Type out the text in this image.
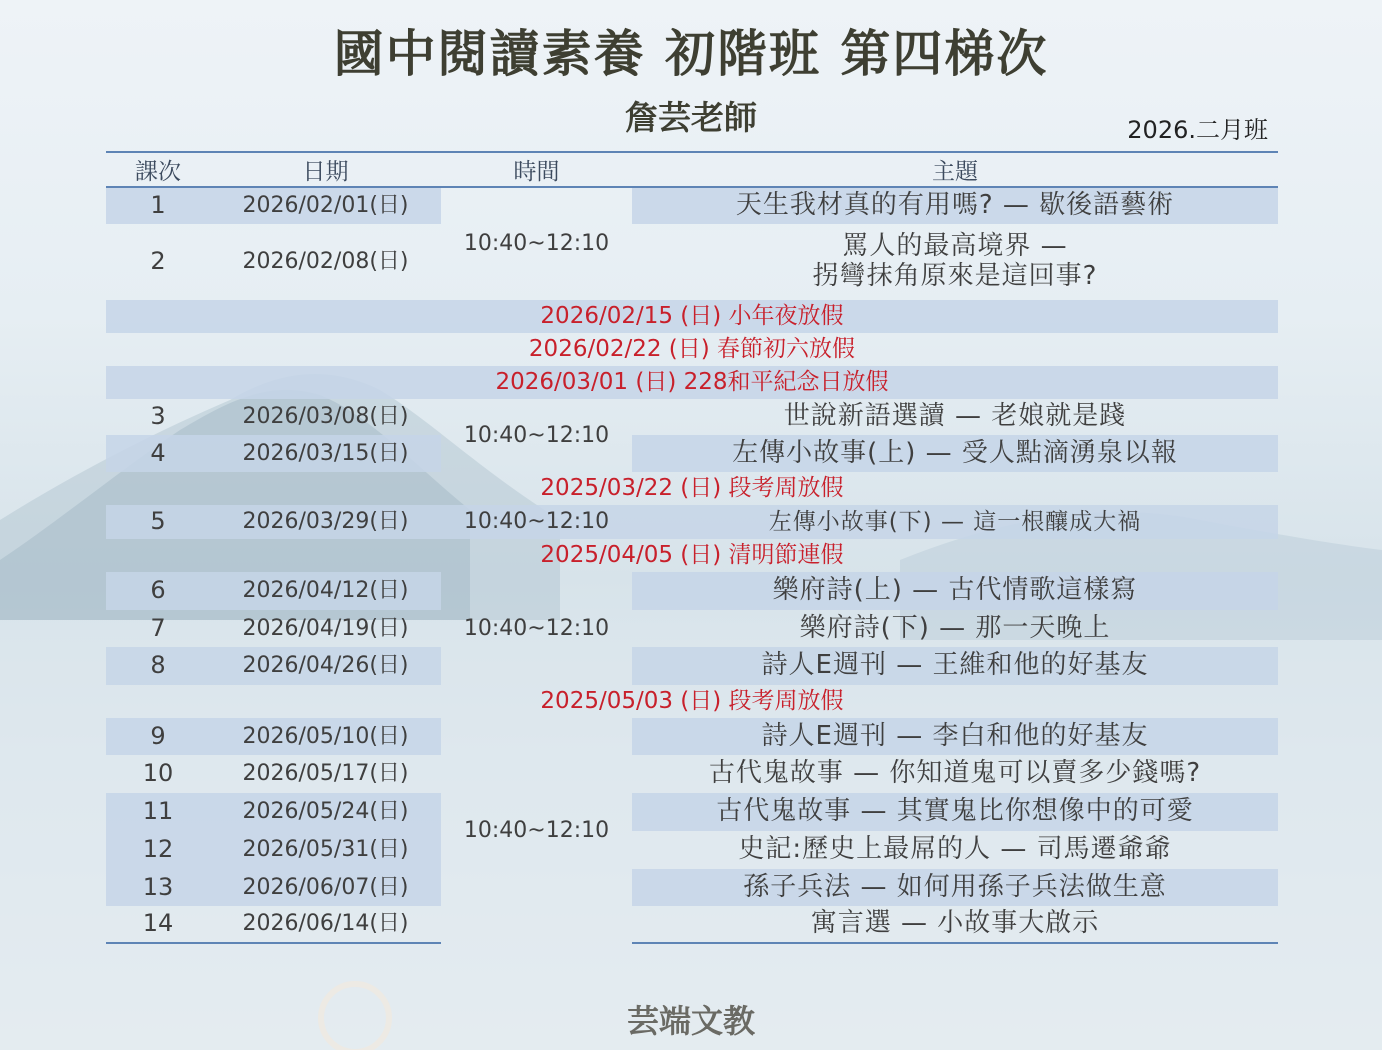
國中閱讀素養 初階班 第四梯次
詹芸老師	2026.二月班
課次	日期	時間	主題
1	2026/02/01(日)	10:40~12:10	天生我材真的有用嗎? — 歇後語藝術
2	2026/02/08(日)		罵人的最高境界 —
拐彎抹角原來是這回事?

2026/02/15 (日) 小年夜放假			
2026/02/22 (日) 春節初六放假			
2026/03/01 (日) 228和平紀念日放假			
3	2026/03/08(日)	10:40~12:10	世說新語選讀 — 老娘就是踐
4	2026/03/15(日)		左傳小故事(上) — 受人點滴湧泉以報
2025/03/22 (日) 段考周放假			
5	2026/03/29(日)	10:40~12:10	左傳小故事(下) — 這一根釀成大禍
2025/04/05 (日) 清明節連假			
6	2026/04/12(日)	10:40~12:10	樂府詩(上) — 古代情歌這樣寫
7	2026/04/19(日)		樂府詩(下) — 那一天晚上
8	2026/04/26(日)		詩人E週刊 — 王維和他的好基友
2025/05/03 (日) 段考周放假			
9	2026/05/10(日)	10:40~12:10	詩人E週刊 — 李白和他的好基友
10	2026/05/17(日)		古代鬼故事 — 你知道鬼可以賣多少錢嗎?
11	2026/05/24(日)		古代鬼故事 — 其實鬼比你想像中的可愛
12	2026/05/31(日)		史記:歷史上最屌的人 — 司馬遷爺爺
13	2026/06/07(日)		孫子兵法 — 如何用孫子兵法做生意
14	2026/06/14(日)		寓言選 — 小故事大啟示
芸端文教
